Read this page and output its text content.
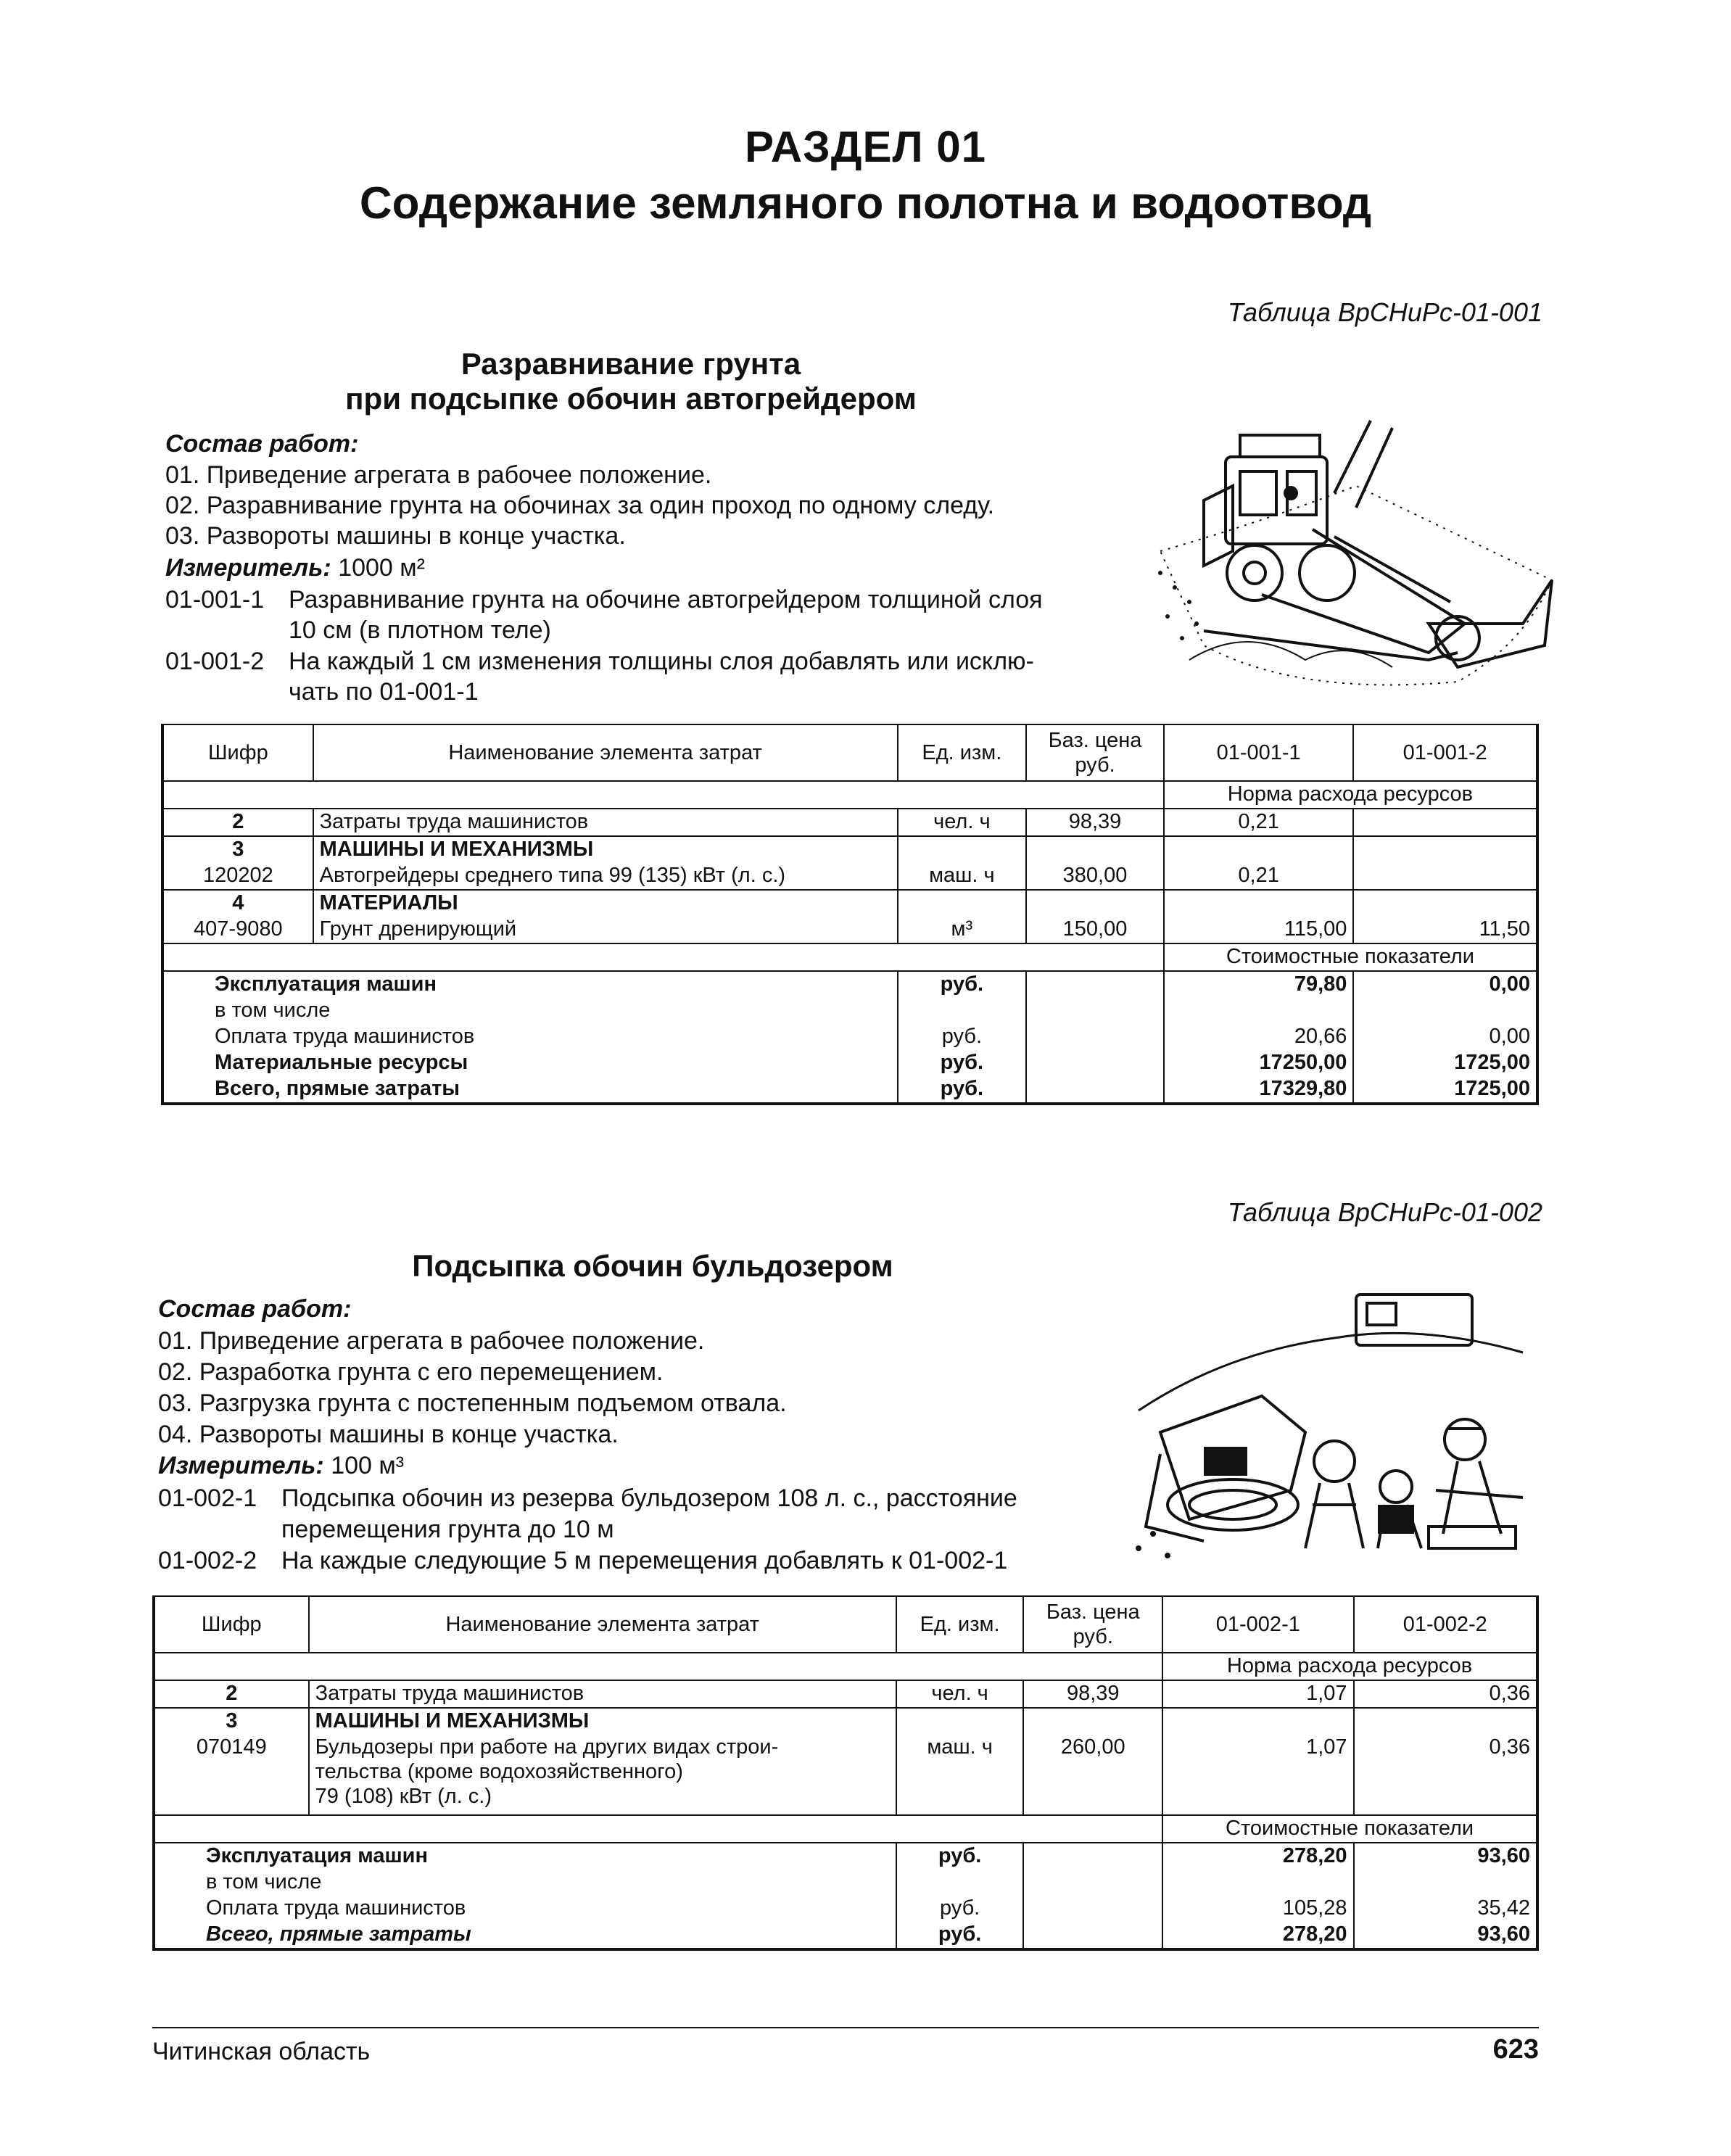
РАЗДЕЛ 01
Содержание земляного полотна и водоотвод
Таблица ВрСНиРс-01-001
Разравнивание грунта
при подсыпке обочин автогрейдером
Состав работ:
01. Приведение агрегата в рабочее положение.
02. Разравнивание грунта на обочинах за один проход по одному следу.
03. Развороты машины в конце участка.
Измеритель: 1000 м²
01-001-1 Разравнивание грунта на обочине автогрейдером толщиной слоя
10 см (в плотном теле)
01-001-2 На каждый 1 см изменения толщины слоя добавлять или исклю-
чать по 01-001-1
Шифр	Наименование элемента затрат	Ед. изм.	Баз. цена руб.	01-001-1	01-001-2
				Норма расхода ресурсов	
2	Затраты труда машинистов	чел. ч	98,39	0,21	
3	МАШИНЫ И МЕХАНИЗМЫ				
120202	Автогрейдеры среднего типа 99 (135) кВт (л. с.)	маш. ч	380,00	0,21	
4	МАТЕРИАЛЫ				
407-9080	Грунт дренирующий	м³	150,00	115,00	11,50
				Стоимостные показатели	
Эксплуатация машин		руб.		79,80	0,00
в том числе					
Оплата труда машинистов		руб.		20,66	0,00
Материальные ресурсы		руб.		17250,00	1725,00
Всего, прямые затраты		руб.		17329,80	1725,00
Таблица ВрСНиРс-01-002
Подсыпка обочин бульдозером
Состав работ:
01. Приведение агрегата в рабочее положение.
02. Разработка грунта с его перемещением.
03. Разгрузка грунта с постепенным подъемом отвала.
04. Развороты машины в конце участка.
Измеритель: 100 м³
01-002-1 Подсыпка обочин из резерва бульдозером 108 л. с., расстояние
перемещения грунта до 10 м
01-002-2 На каждые следующие 5 м перемещения добавлять к 01-002-1
Шифр	Наименование элемента затрат	Ед. изм.	Баз. цена руб.	01-002-1	01-002-2
				Норма расхода ресурсов	
2	Затраты труда машинистов	чел. ч	98,39	1,07	0,36
3	МАШИНЫ И МЕХАНИЗМЫ				
070149	Бульдозеры при работе на других видах строи-
тельства (кроме водохозяйственного)
79 (108) кВт (л. с.)	маш. ч	260,00	1,07	0,36
				Стоимостные показатели	
Эксплуатация машин		руб.		278,20	93,60
в том числе					
Оплата труда машинистов		руб.		105,28	35,42
Всего, прямые затраты		руб.		278,20	93,60
Читинская область	623
